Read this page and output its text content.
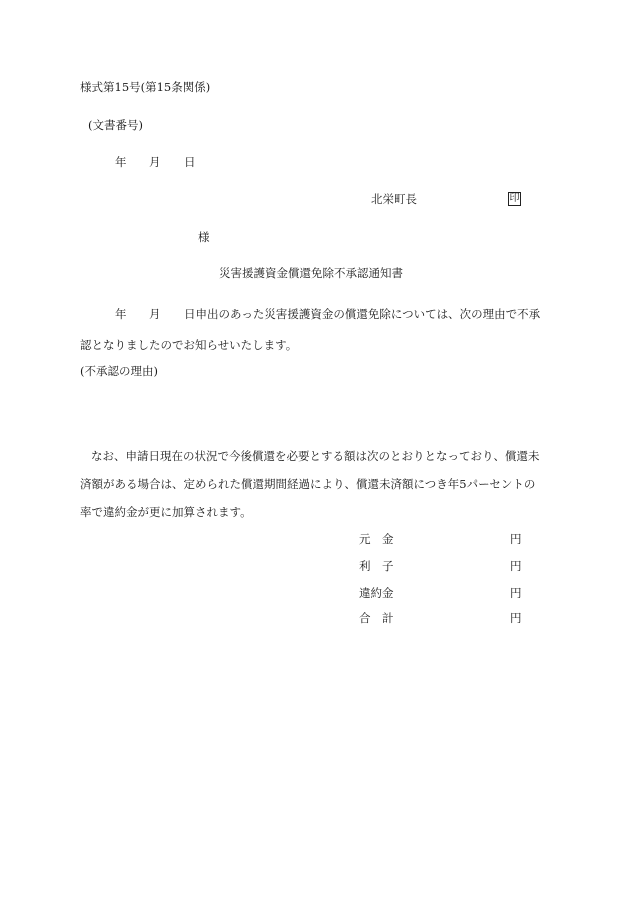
様式第15号(第15条関係)
(文書番号)
年 月 日
北栄町長	印
様
災害援護資金償還免除不承認通知書
年 月 日申出のあった災害援護資金の償還免除については、次の理由で不承
認となりましたのでお知らせいたします。
(不承認の理由)
なお、申請日現在の状況で今後償還を必要とする額は次のとおりとなっており、償還未
済額がある場合は、定められた償還期間経過により、償還未済額につき年5パーセントの
率で違約金が更に加算されます。
元　金	円
利　子	円
違約金	円
合　計	円
